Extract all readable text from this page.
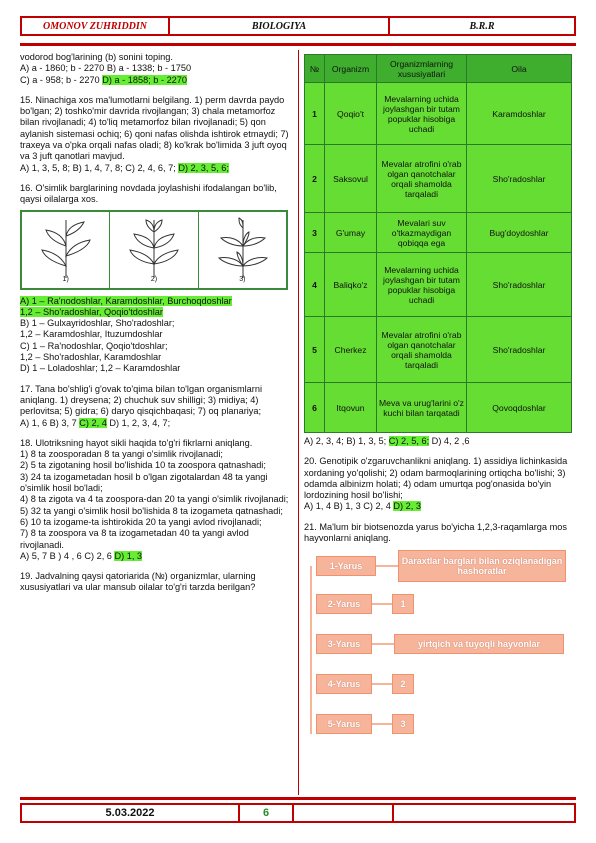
OMONOV ZUHRIDDIN	BIOLOGIYA	B.R.R
vodorod bog'larining (b) sonini toping.
A) a - 1860; b - 2270 B) a - 1338; b - 1750
C) a - 958; b - 2270 D) a - 1858; b - 2270
15. Ninachiga xos ma'lumotlarni belgilang. 1) perm davrda paydo bo'lgan; 2) toshko'mir davrida rivojlangan; 3) chala metamorfoz bilan rivojlanadi; 4) to'liq metamorfoz bilan rivojlanadi; 5) qon aylanish sistemasi ochiq; 6) qoni nafas olishda ishtirok etmaydi; 7) traxeya va o'pka orqali nafas oladi; 8) ko'krak bo'limida 3 juft oyoq va 3 juft qanotlari mavjud.
A) 1, 3, 5, 8; B) 1, 4, 7, 8; C) 2, 4, 6, 7; D) 2, 3, 5, 6;
16. O'simlik barglarining novdada joylashishi ifodalangan bo'lib, qaysi oilalarga xos.
1)	2)	3)
A) 1 – Ra'nodoshlar, Karamdoshlar, Burchoqdoshlar
1,2 – Sho'radoshlar, Qoqio'tdoshlar
B) 1 – Gulxayridoshlar, Sho'radoshlar;
1,2 – Karamdoshlar, Ituzumdoshlar
C) 1 – Ra'nodoshlar, Qoqio'tdoshlar;
1,2 – Sho'radoshlar, Karamdoshlar
D) 1 – Loladoshlar; 1,2 – Karamdoshlar
17. Tana bo'shlig'i g'ovak to'qima bilan to'lgan organismlarni aniqlang. 1) dreysena; 2) chuchuk suv shilligi; 3) midiya; 4) perlovitsa; 5) gidra; 6) daryo qisqichbaqasi; 7) oq planariya;
A) 1, 6 B) 3, 7 C) 2, 4 D) 1, 2, 3, 4, 7;
18. Ulotriksning hayot sikli haqida to'g'ri fikrlarni aniqlang.
1) 8 ta zoosporadan 8 ta yangi o'simlik rivojlanadi;
2) 5 ta zigotaning hosil bo'lishida 10 ta zoospora qatnashadi;
3) 24 ta izogametadan hosil b o'lgan zigotalardan 48 ta yangi o'simlik hosil bo'ladi;
4) 8 ta zigota va 4 ta zoospora-dan 20 ta yangi o'simlik rivojlanadi;
5) 32 ta yangi o'simlik hosil bo'lishida 8 ta izogameta qatnashadi;
6) 10 ta izogame-ta ishtirokida 20 ta yangi avlod rivojlanadi;
7) 8 ta zoospora va 8 ta izogametadan 40 ta yangi avlod rivojlanadi.
A) 5, 7 B ) 4 , 6 C) 2, 6 D) 1, 3
19. Jadvalning qaysi qatoriarida (№) organizmlar, ularning xususiyatlari va ular mansub oilalar to'g'ri tarzda berilgan?
№	Organizm	Organizmlarning xususiyatlari	Oila
1	Qoqio't	Mevalarning uchida joylashgan bir tutam popuklar hisobiga uchadi	Karamdoshlar
2	Saksovul	Mevalar atrofini o'rab olgan qanotchalar orqali shamolda tarqaladi	Sho'radoshlar
3	G'umay	Mevalari suv o'tkazmaydigan qobiqqa ega	Bug'doydoshlar
4	Baliqko'z	Mevalarning uchida joylashgan bir tutam popuklar hisobiga uchadi	Sho'radoshlar
5	Cherkez	Mevalar atrofini o'rab olgan qanotchalar orqali shamolda tarqaladi	Sho'radoshlar
6	Itqovun	Meva va urug'larini o'z kuchi bilan tarqatadi	Qovoqdoshlar
A) 2, 3, 4; B) 1, 3, 5; C) 2, 5, 6; D) 4, 2 ,6
20. Genotipik o'zgaruvchanlikni aniqlang. 1) assidiya lichinkasida xordaning yo'qolishi; 2) odam barmoqlarining ortiqcha bo'lishi; 3) odamda albinizm holati; 4) odam umurtqa pog'onasida bo'yin lordozining hosil bo'lishi;
A) 1, 4 B) 1, 3 C) 2, 4 D) 2, 3
21. Ma'lum bir biotsenozda yarus bo'yicha 1,2,3-raqamlarga mos hayvonlarni aniqlang.
1-Yarus	Daraxtlar barglari bilan oziqlanadigan hashoratlar
2-Yarus	1
3-Yarus	yirtqich va tuyoqli hayvonlar
4-Yarus	2
5-Yarus	3
5.03.2022	6
